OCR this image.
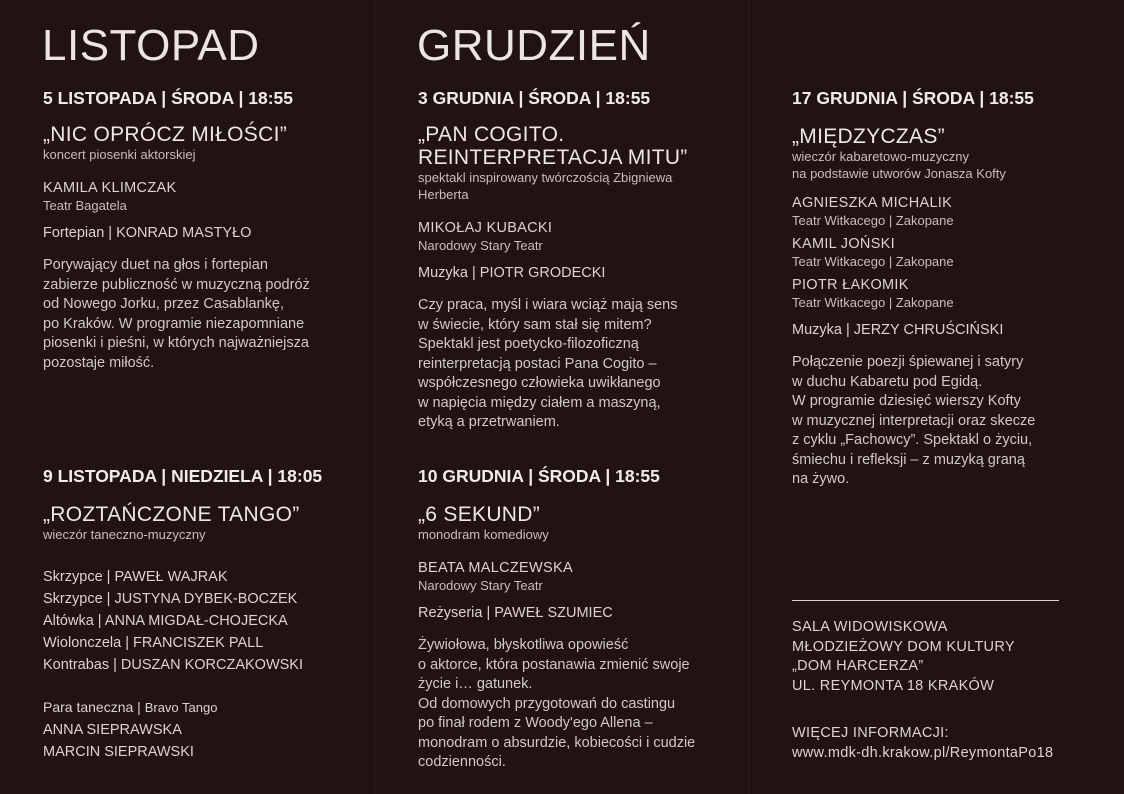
LISTOPAD
5 LISTOPADA | ŚRODA | 18:55
„NIC OPRÓCZ MIŁOŚCI”
koncert piosenki aktorskiej
KAMILA KLIMCZAK
Teatr Bagatela
Fortepian | KONRAD MASTYŁO
Porywający duet na głos i fortepian
zabierze publiczność w muzyczną podróż
od Nowego Jorku, przez Casablankę,
po Kraków. W programie niezapomniane
piosenki i pieśni, w których najważniejsza
pozostaje miłość.
9 LISTOPADA | NIEDZIELA | 18:05
„ROZTAŃCZONE TANGO”
wieczór taneczno-muzyczny
Skrzypce | PAWEŁ WAJRAK
Skrzypce | JUSTYNA DYBEK-BOCZEK
Altówka | ANNA MIGDAŁ-CHOJECKA
Wiolonczela | FRANCISZEK PALL
Kontrabas | DUSZAN KORCZAKOWSKI
Para taneczna | Bravo Tango
ANNA SIEPRAWSKA
MARCIN SIEPRAWSKI
GRUDZIEŃ
3 GRUDNIA | ŚRODA | 18:55
„PAN COGITO.
REINTERPRETACJA MITU”
spektakl inspirowany twórczością Zbigniewa
Herberta
MIKOŁAJ KUBACKI
Narodowy Stary Teatr
Muzyka | PIOTR GRODECKI
Czy praca, myśl i wiara wciąż mają sens
w świecie, który sam stał się mitem?
Spektakl jest poetycko-filozoficzną
reinterpretacją postaci Pana Cogito –
współczesnego człowieka uwikłanego
w napięcia między ciałem a maszyną,
etyką a przetrwaniem.
10 GRUDNIA | ŚRODA | 18:55
„6 SEKUND”
monodram komediowy
BEATA MALCZEWSKA
Narodowy Stary Teatr
Reżyseria | PAWEŁ SZUMIEC
Żywiołowa, błyskotliwa opowieść
o aktorce, która postanawia zmienić swoje
życie i… gatunek.
Od domowych przygotowań do castingu
po finał rodem z Woody'ego Allena –
monodram o absurdzie, kobiecości i cudzie
codzienności.
17 GRUDNIA | ŚRODA | 18:55
„MIĘDZYCZAS”
wieczór kabaretowo-muzyczny
na podstawie utworów Jonasza Kofty
AGNIESZKA MICHALIK
Teatr Witkacego | Zakopane
KAMIL JOŃSKI
Teatr Witkacego | Zakopane
PIOTR ŁAKOMIK
Teatr Witkacego | Zakopane
Muzyka | JERZY CHRUŚCIŃSKI
Połączenie poezji śpiewanej i satyry
w duchu Kabaretu pod Egidą.
W programie dziesięć wierszy Kofty
w muzycznej interpretacji oraz skecze
z cyklu „Fachowcy”. Spektakl o życiu,
śmiechu i refleksji – z muzyką graną
na żywo.
SALA WIDOWISKOWA
MŁODZIEŻOWY DOM KULTURY
„DOM HARCERZA”
UL. REYMONTA 18 KRAKÓW
WIĘCEJ INFORMACJI:
www.mdk-dh.krakow.pl/ReymontaPo18
